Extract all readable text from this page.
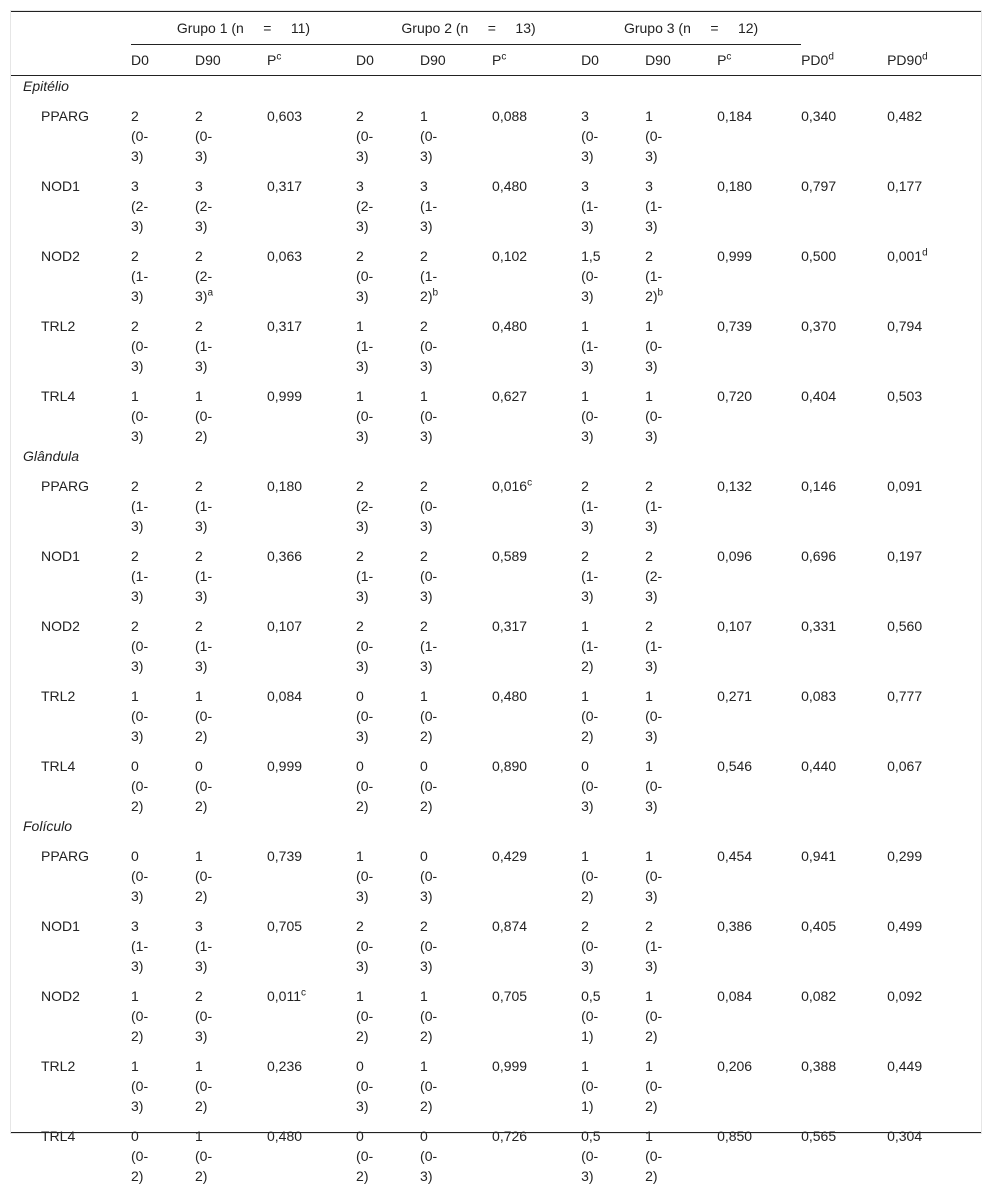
	Grupo 1 (n     =     11)			Grupo 2 (n     =     13)			Grupo 3 (n     =     12)				
	D0	D90	$P^c$	D0	D90	$P^c$	D0	D90	$P^c$	PD0$^d$	PD90$^d$
Epitélio											
PPARG	2 (0-3)	2 (0-3)	0,603	2 (0-3)	1 (0-3)	0,088	3 (0-3)	1 (0-3)	0,184	0,340	0,482
NOD1	3 (2-3)	3 (2-3)	0,317	3 (2-3)	3 (1-3)	0,480	3 (1-3)	3 (1-3)	0,180	0,797	0,177
NOD2	2 (1-3)	2 $(2-3)^a$	0,063	2 (0-3)	2 $(1-2)^b$	0,102	1,5 (0-3)	2 $(1-2)^b$	0,999	0,500	0,001$^d$
TRL2	2 (0-3)	2 (1-3)	0,317	1 (1-3)	2 (0-3)	0,480	1 (1-3)	1 (0-3)	0,739	0,370	0,794
TRL4	1 (0-3)	1 (0-2)	0,999	1 (0-3)	1 (0-3)	0,627	1 (0-3)	1 (0-3)	0,720	0,404	0,503
Glândula											
PPARG	2 (1-3)	2 (1-3)	0,180	2 (2-3)	2 (0-3)	0,016$^c$	2 (1-3)	2 (1-3)	0,132	0,146	0,091
NOD1	2 (1-3)	2 (1-3)	0,366	2 (1-3)	2 (0-3)	0,589	2 (1-3)	2 (2-3)	0,096	0,696	0,197
NOD2	2 (0-3)	2 (1-3)	0,107	2 (0-3)	2 (1-3)	0,317	1 (1-2)	2 (1-3)	0,107	0,331	0,560
TRL2	1 (0-3)	1 (0-2)	0,084	0 (0-3)	1 (0-2)	0,480	1 (0-2)	1 (0-3)	0,271	0,083	0,777
TRL4	0 (0-2)	0 (0-2)	0,999	0 (0-2)	0 (0-2)	0,890	0 (0-3)	1 (0-3)	0,546	0,440	0,067
Folículo											
PPARG	0 (0-3)	1 (0-2)	0,739	1 (0-3)	0 (0-3)	0,429	1 (0-2)	1 (0-3)	0,454	0,941	0,299
NOD1	3 (1-3)	3 (1-3)	0,705	2 (0-3)	2 (0-3)	0,874	2 (0-3)	2 (1-3)	0,386	0,405	0,499
NOD2	1 (0-2)	2 (0-3)	0,011$^c$	1 (0-2)	1 (0-2)	0,705	0,5 (0-1)	1 (0-2)	0,084	0,082	0,092
TRL2	1 (0-3)	1 (0-2)	0,236	0 (0-3)	1 (0-2)	0,999	1 (0-1)	1 (0-2)	0,206	0,388	0,449
TRL4	0 (0-2)	1 (0-2)	0,480	0 (0-2)	0 (0-3)	0,726	0,5 (0-3)	1 (0-2)	0,850	0,565	0,304
